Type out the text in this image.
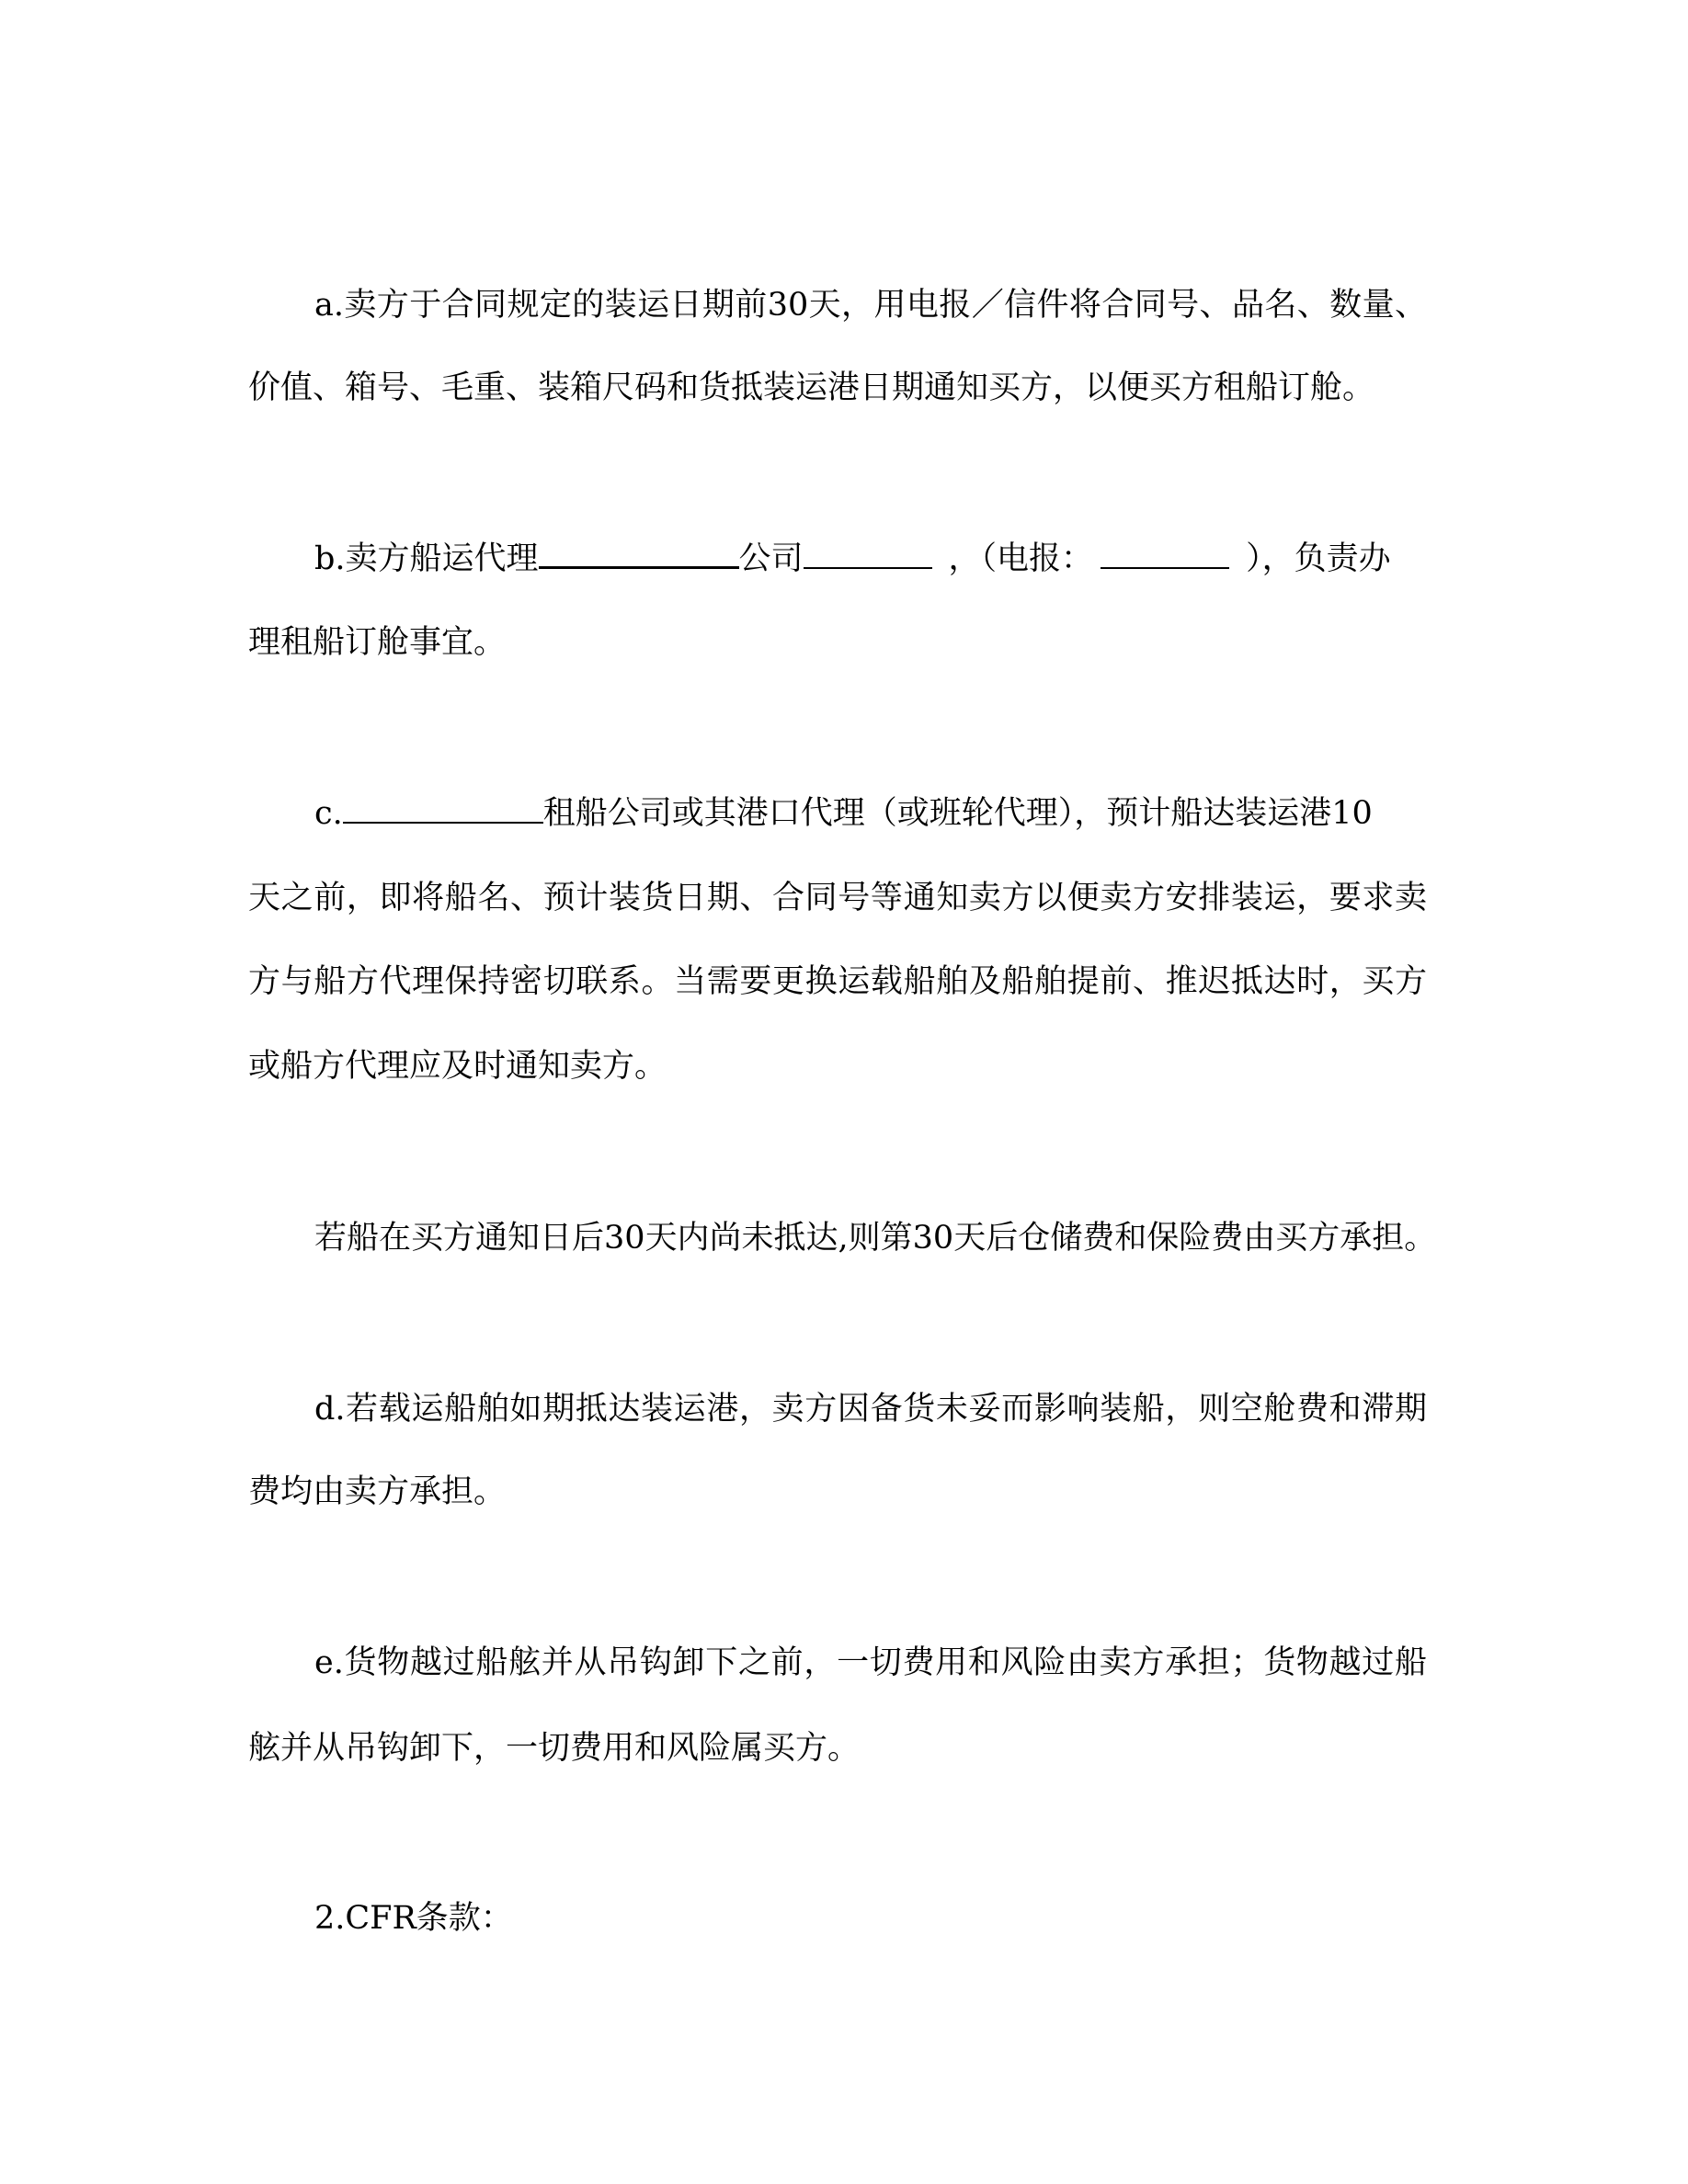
a.卖方于合同规定的装运日期前30天，用电报／信件将合同号、品名、数量、
价值、箱号、毛重、装箱尺码和货抵装运港日期通知买方，以便买方租船订舱。
b.卖方船运代理	公司	，（电报：	），负责办
理租船订舱事宜。
c.	租船公司或其港口代理（或班轮代理），预计船达装运港10
天之前，即将船名、预计装货日期、合同号等通知卖方以便卖方安排装运，要求卖
方与船方代理保持密切联系。当需要更换运载船舶及船舶提前、推迟抵达时，买方
或船方代理应及时通知卖方。
若船在买方通知日后30天内尚未抵达,则第30天后仓储费和保险费由买方承担。
d.若载运船舶如期抵达装运港，卖方因备货未妥而影响装船，则空舱费和滞期
费均由卖方承担。
e.货物越过船舷并从吊钩卸下之前，一切费用和风险由卖方承担；货物越过船
舷并从吊钩卸下，一切费用和风险属买方。
2.CFR条款：
